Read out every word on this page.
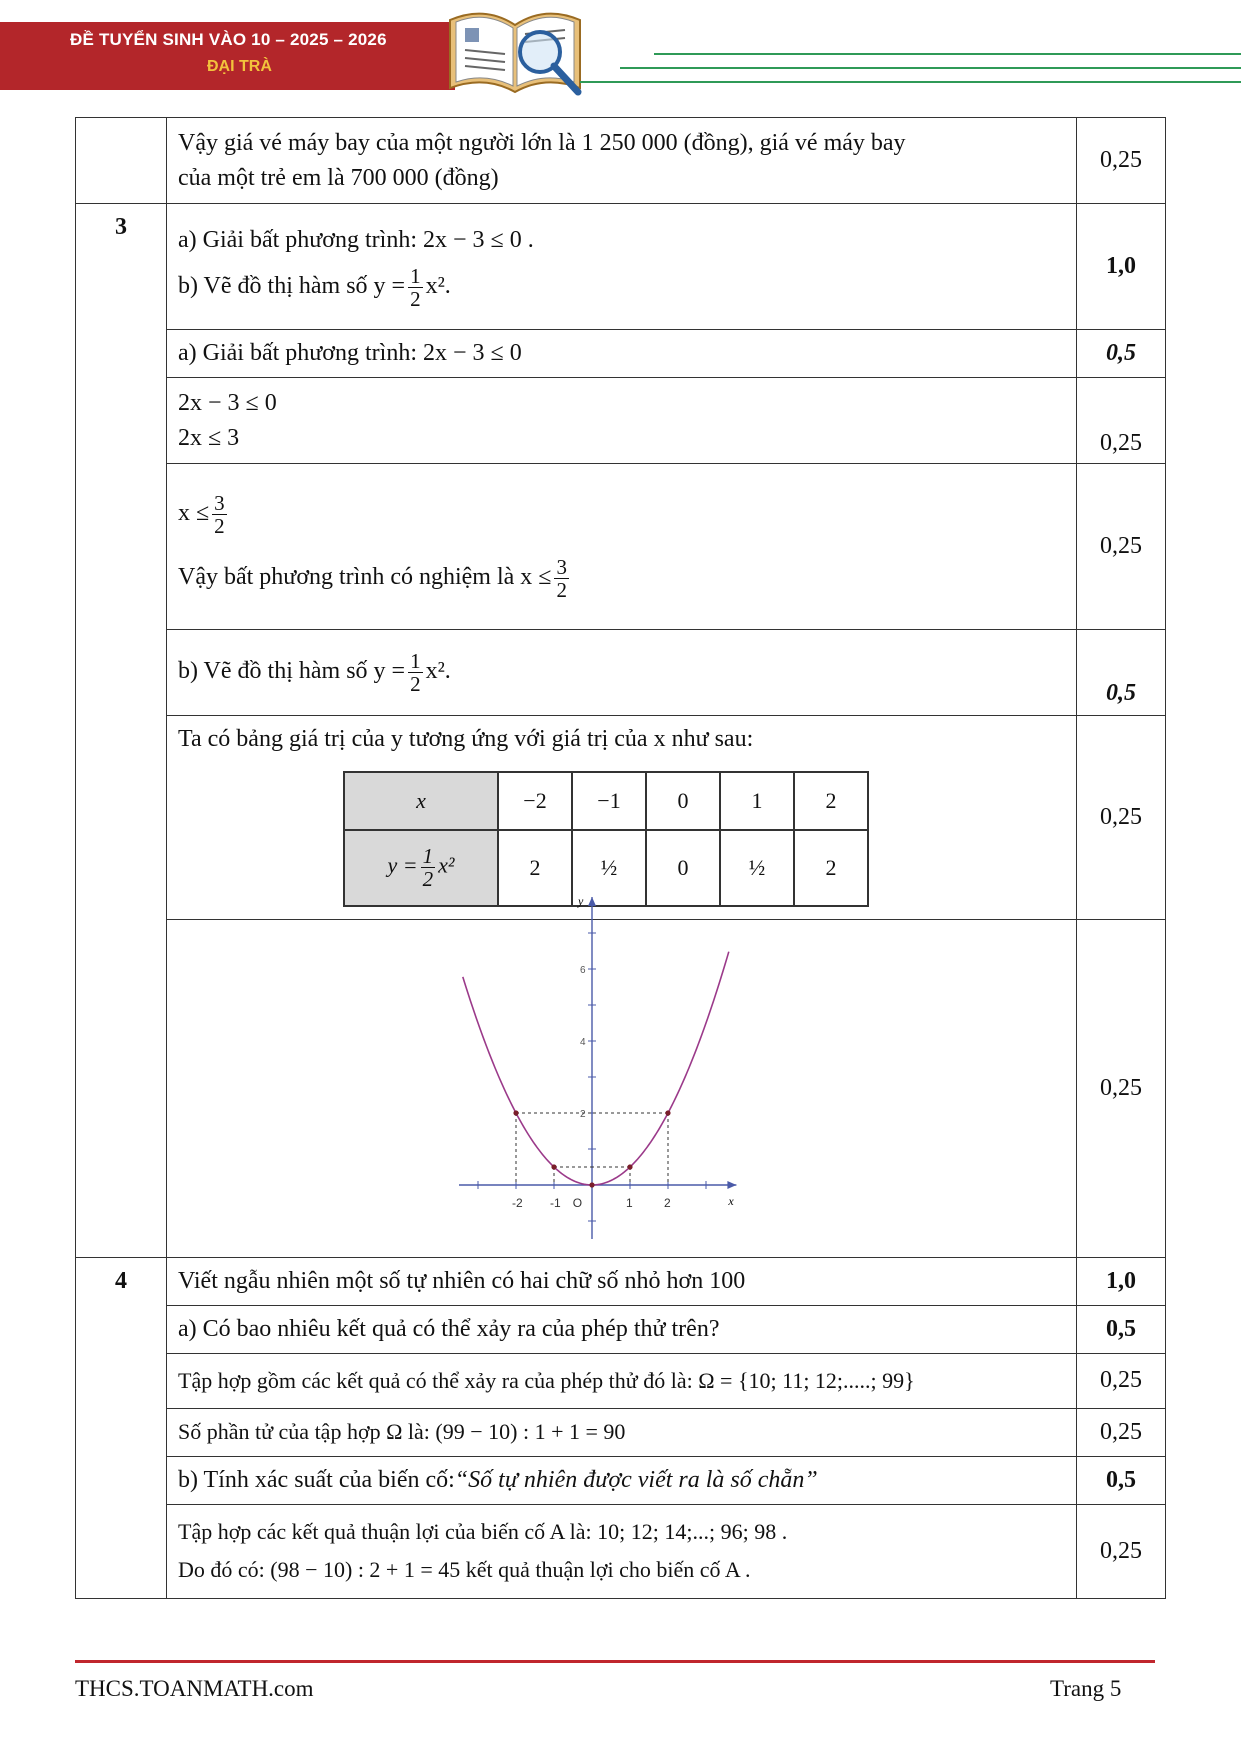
ĐỀ TUYỂN SINH VÀO 10 – 2025 – 2026
ĐẠI TRÀ

Vậy giá vé máy bay của một người lớn là 1 250 000 (đồng), giá vé máy bay
của một trẻ em là 700 000 (đồng)
	0,25
3	a) Giải bất phương trình: 2x − 3 ≤ 0 .
b) Vẽ đồ thị hàm số $y = \frac{1}{2} x^2$.
	1,0
a) Giải bất phương trình: 2x − 3 ≤ 0	0,5

2x − 3 ≤ 0
2x ≤ 3	0,25

$x \le \frac{3}{2}$
Vậy bất phương trình có nghiệm là $x \le \frac{3}{2}$
	0,25

b) Vẽ đồ thị hàm số $y = \frac{1}{2} x^2$.
	0,5

Ta có bảng giá trị của y tương ứng với giá trị của x như sau:
x	−2	−1	0	1	2
$y = \frac{1}{2} x^2$	2	½	0	½	2
	0,25

-2 -1 O	1	2
2
4
6
x
y
	0,25
4	Viết ngẫu nhiên một số tự nhiên có hai chữ số nhỏ hơn 100	1,0
a) Có bao nhiêu kết quả có thể xảy ra của phép thử trên?	0,5
Tập hợp gồm các kết quả có thể xảy ra của phép thử đó là: Ω = {10; 11; 12;.....; 99}	0,25
Số phần tử của tập hợp Ω là: (99 − 10) : 1 + 1 = 90	0,25
b) Tính xác suất của biến cố:“Số tự nhiên được viết ra là số chẵn”	0,5

Tập hợp các kết quả thuận lợi của biến cố A là: 10; 12; 14;...; 96; 98 .
Do đó có: (98 − 10) : 2 + 1 = 45 kết quả thuận lợi cho biến cố A .
	0,25
THCS.TOANMATH.com	Trang 5
